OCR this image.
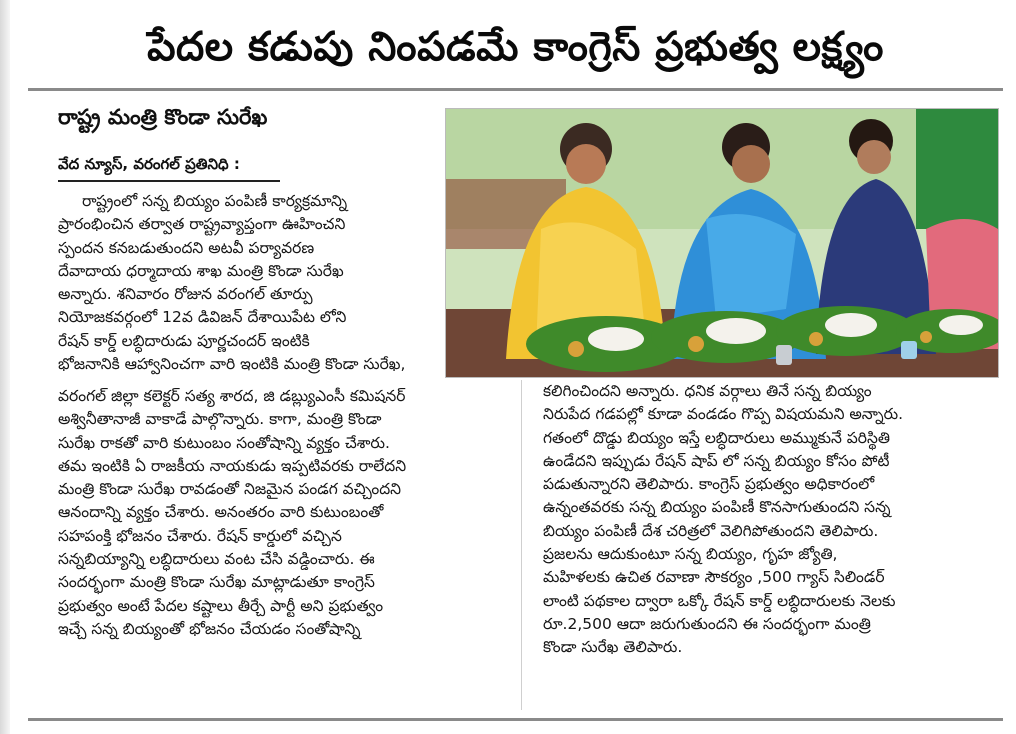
పేదల కడుపు నింపడమే కాంగ్రెస్ ప్రభుత్వ లక్ష్యం
రాష్ట్ర మంత్రి కొండా సురేఖ
వేద న్యూస్, వరంగల్ ప్రతినిధి :

రాష్ట్రంలో సన్న బియ్యం పంపిణీ కార్యక్రమాన్ని

ప్రారంభించిన తర్వాత రాష్ట్రవ్యాప్తంగా ఊహించని

స్పందన కనబడుతుందని అటవీ పర్యావరణ

దేవాదాయ ధర్మాదాయ శాఖ మంత్రి కొండా సురేఖ

అన్నారు. శనివారం రోజున వరంగల్ తూర్పు

నియోజకవర్గంలో 12వ డివిజన్ దేశాయిపేట లోని

రేషన్ కార్డ్ లబ్ధిదారుడు పూర్ణచందర్ ఇంటికి

భోజనానికి ఆహ్వానించగా వారి ఇంటికి మంత్రి కొండా సురేఖ,

వరంగల్ జిల్లా కలెక్టర్ సత్య శారద, జి డబ్ల్యుఎంసీ కమిషనర్

అశ్వినీతానాజీ వాకాడే పాల్గొన్నారు. కాగా, మంత్రి కొండా

సురేఖ రాకతో వారి కుటుంబం సంతోషాన్ని వ్యక్తం చేశారు.

తమ ఇంటికి ఏ రాజకీయ నాయకుడు ఇప్పటివరకు రాలేదని

మంత్రి కొండా సురేఖ రావడంతో నిజమైన పండగ వచ్చిందని

ఆనందాన్ని వ్యక్తం చేశారు. అనంతరం వారి కుటుంబంతో

సహపంక్తి భోజనం చేశారు. రేషన్ కార్డులో వచ్చిన

సన్నబియ్యాన్ని లబ్ధిదారులు వంట చేసి వడ్డించారు. ఈ

సందర్భంగా మంత్రి కొండా సురేఖ మాట్లాడుతూ కాంగ్రెస్

ప్రభుత్వం అంటే పేదల కష్టాలు తీర్చే పార్టీ అని ప్రభుత్వం

ఇచ్చే సన్న బియ్యంతో భోజనం చేయడం సంతోషాన్ని

కలిగించిందని అన్నారు. ధనిక వర్గాలు తినే సన్న బియ్యం

నిరుపేద గడపల్లో కూడా వండడం గొప్ప విషయమని అన్నారు.

గతంలో దొడ్డు బియ్యం ఇస్తే లబ్ధిదారులు అమ్ముకునే పరిస్థితి

ఉండేదని ఇప్పుడు రేషన్ షాప్ లో సన్న బియ్యం కోసం పోటీ

పడుతున్నారని తెలిపారు. కాంగ్రెస్ ప్రభుత్వం అధికారంలో

ఉన్నంతవరకు సన్న బియ్యం పంపిణీ కొనసాగుతుందని సన్న

బియ్యం పంపిణీ దేశ చరిత్రలో వెలిగిపోతుందని తెలిపారు.

ప్రజలను ఆదుకుంటూ సన్న బియ్యం, గృహ జ్యోతి,

మహిళలకు ఉచిత రవాణా సౌకర్యం ,500 గ్యాస్ సిలిండర్

లాంటి పథకాల ద్వారా ఒక్కో రేషన్ కార్డ్ లబ్ధిదారులకు నెలకు

రూ.2,500 ఆదా జరుగుతుందని ఈ సందర్భంగా మంత్రి

కొండా సురేఖ తెలిపారు.
